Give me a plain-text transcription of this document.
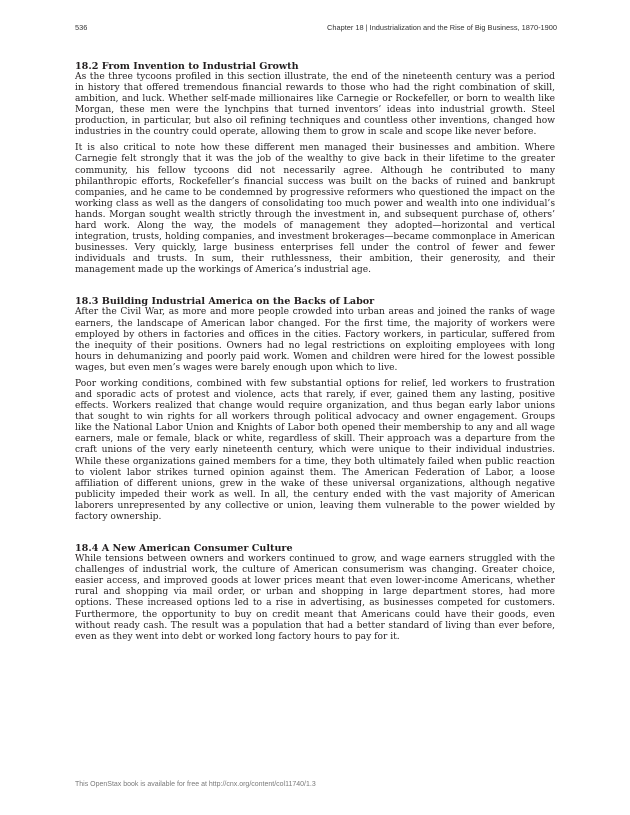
536	Chapter 18 | Industrialization and the Rise of Big Business, 1870-1900
18.2 From Invention to Industrial Growth

As the three tycoons profiled in this section illustrate, the end of the nineteenth century was a period in history that offered tremendous financial rewards to those who had the right combination of skill, ambition, and luck. Whether self-made millionaires like Carnegie or Rockefeller, or born to wealth like Morgan, these men were the lynchpins that turned inventors’ ideas into industrial growth. Steel production, in particular, but also oil refining techniques and countless other inventions, changed how industries in the country could operate, allowing them to grow in scale and scope like never before.

It is also critical to note how these different men managed their businesses and ambition. Where Carnegie felt strongly that it was the job of the wealthy to give back in their lifetime to the greater community, his fellow tycoons did not necessarily agree. Although he contributed to many philanthropic efforts, Rockefeller’s financial success was built on the backs of ruined and bankrupt companies, and he came to be condemned by progressive reformers who questioned the impact on the working class as well as the dangers of consolidating too much power and wealth into one individual’s hands. Morgan sought wealth strictly through the investment in, and subsequent purchase of, others’ hard work. Along the way, the models of management they adopted—horizontal and vertical integration, trusts, holding companies, and investment brokerages—became commonplace in American businesses. Very quickly, large business enterprises fell under the control of fewer and fewer individuals and trusts. In sum, their ruthlessness, their ambition, their generosity, and their management made up the workings of America’s industrial age.

18.3 Building Industrial America on the Backs of Labor

After the Civil War, as more and more people crowded into urban areas and joined the ranks of wage earners, the landscape of American labor changed. For the first time, the majority of workers were employed by others in factories and offices in the cities. Factory workers, in particular, suffered from the inequity of their positions. Owners had no legal restrictions on exploiting employees with long hours in dehumanizing and poorly paid work. Women and children were hired for the lowest possible wages, but even men’s wages were barely enough upon which to live.

Poor working conditions, combined with few substantial options for relief, led workers to frustration and sporadic acts of protest and violence, acts that rarely, if ever, gained them any lasting, positive effects. Workers realized that change would require organization, and thus began early labor unions that sought to win rights for all workers through political advocacy and owner engagement. Groups like the National Labor Union and Knights of Labor both opened their membership to any and all wage earners, male or female, black or white, regardless of skill. Their approach was a departure from the craft unions of the very early nineteenth century, which were unique to their individual industries. While these organizations gained members for a time, they both ultimately failed when public reaction to violent labor strikes turned opinion against them. The American Federation of Labor, a loose affiliation of different unions, grew in the wake of these universal organizations, although negative publicity impeded their work as well. In all, the century ended with the vast majority of American laborers unrepresented by any collective or union, leaving them vulnerable to the power wielded by factory ownership.

18.4 A New American Consumer Culture

While tensions between owners and workers continued to grow, and wage earners struggled with the challenges of industrial work, the culture of American consumerism was changing. Greater choice, easier access, and improved goods at lower prices meant that even lower-income Americans, whether rural and shopping via mail order, or urban and shopping in large department stores, had more options. These increased options led to a rise in advertising, as businesses competed for customers. Furthermore, the opportunity to buy on credit meant that Americans could have their goods, even without ready cash. The result was a population that had a better standard of living than ever before, even as they went into debt or worked long factory hours to pay for it.

This OpenStax book is available for free at http://cnx.org/content/col11740/1.3
